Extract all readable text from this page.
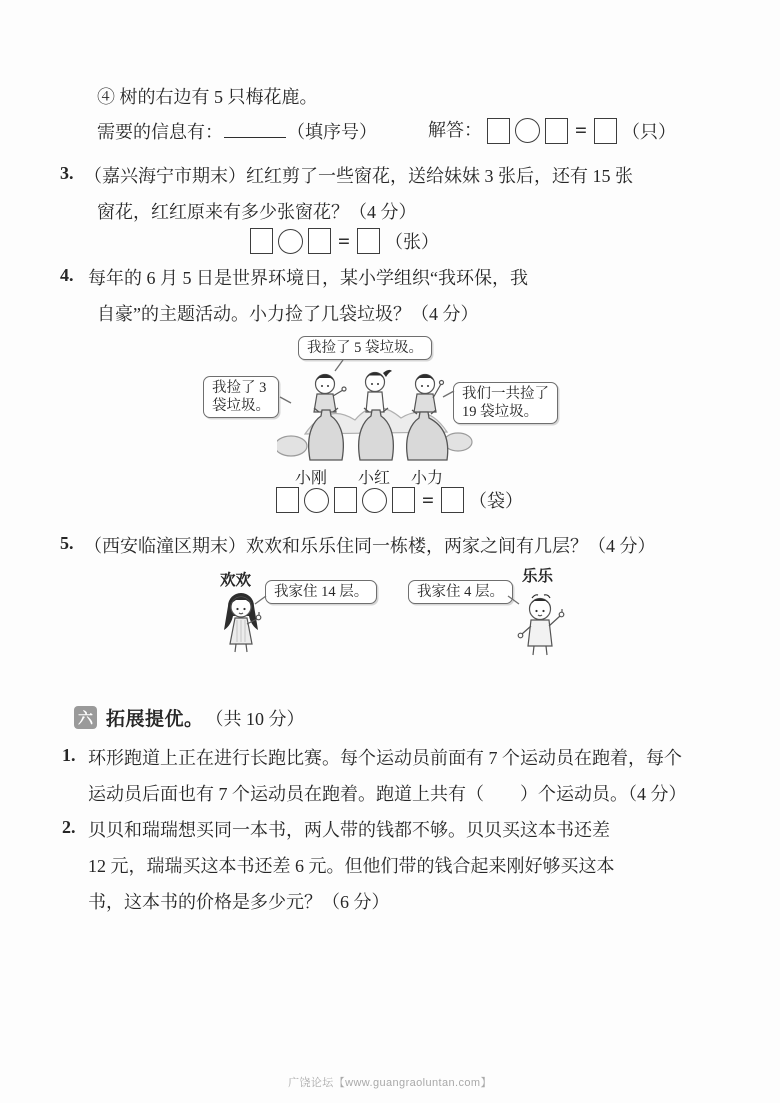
④ 树的右边有 5 只梅花鹿。
需要的信息有：	（填序号）	解答：	= （只）
3. （嘉兴海宁市期末）红红剪了一些窗花，送给妹妹 3 张后，还有 15 张
窗花，红红原来有多少张窗花？（4 分）
= （张）
4. 每年的 6 月 5 日是世界环境日，某小学组织“我环保，我
自豪”的主题活动。小力捡了几袋垃圾？（4 分）
我捡了 5 袋垃圾。
我捡了 3
袋垃圾。
我们一共捡了
19 袋垃圾。
小刚 小红 小力
= （袋）
5. （西安临潼区期末）欢欢和乐乐住同一栋楼，两家之间有几层？（4 分）
欢欢	乐乐
我家住 14 层。	我家住 4 层。
六 拓展提优。 （共 10 分）
1. 环形跑道上正在进行长跑比赛。每个运动员前面有 7 个运动员在跑着，每个
运动员后面也有 7 个运动员在跑着。跑道上共有（　　）个运动员。（4 分）
2. 贝贝和瑞瑞想买同一本书，两人带的钱都不够。贝贝买这本书还差
12 元，瑞瑞买这本书还差 6 元。但他们带的钱合起来刚好够买这本
书，这本书的价格是多少元？（6 分）
广饶论坛【www.guangraoluntan.com】
